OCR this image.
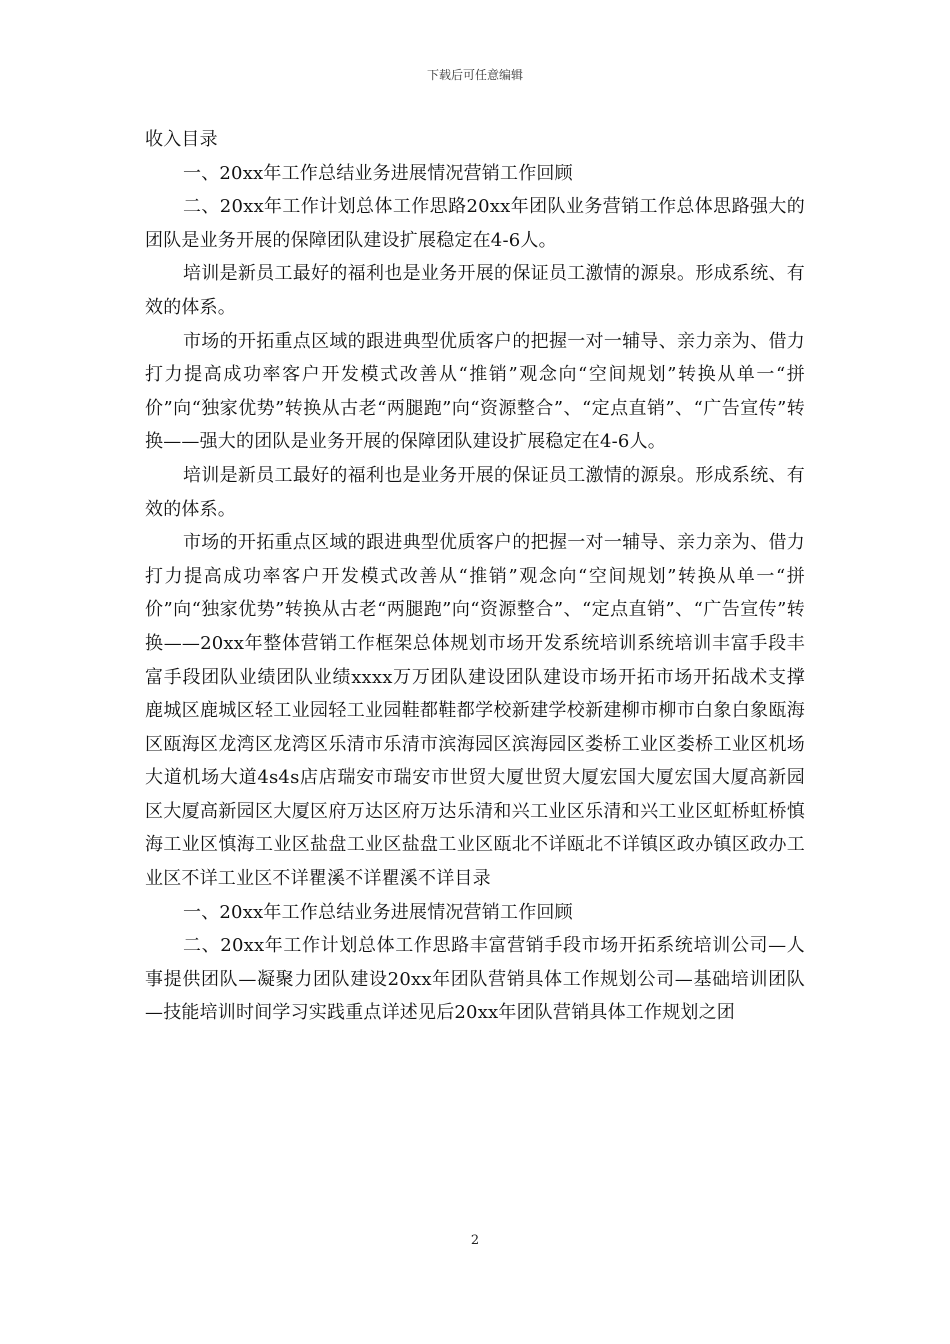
下载后可任意编辑

收入目录

一、20xx年工作总结业务进展情况营销工作回顾

二、20xx年工作计划总体工作思路20xx年团队业务营销工作总体思路强大的团队是业务开展的保障团队建设扩展稳定在4-6人。

培训是新员工最好的福利也是业务开展的保证员工激情的源泉。形成系统、有效的体系。

市场的开拓重点区域的跟进典型优质客户的把握一对一辅导、亲力亲为、借力打力提高成功率客户开发模式改善从“推销”观念向“空间规划”转换从单一“拼价”向“独家优势”转换从古老“两腿跑”向“资源整合”、“定点直销”、“广告宣传”转换——强大的团队是业务开展的保障团队建设扩展稳定在4-6人。

培训是新员工最好的福利也是业务开展的保证员工激情的源泉。形成系统、有效的体系。

市场的开拓重点区域的跟进典型优质客户的把握一对一辅导、亲力亲为、借力打力提高成功率客户开发模式改善从“推销”观念向“空间规划”转换从单一“拼价”向“独家优势”转换从古老“两腿跑”向“资源整合”、“定点直销”、“广告宣传”转换——20xx年整体营销工作框架总体规划市场开发系统培训系统培训丰富手段丰富手段团队业绩团队业绩xxxx万万团队建设团队建设市场开拓市场开拓战术支撑鹿城区鹿城区轻工业园轻工业园鞋都鞋都学校新建学校新建柳市柳市白象白象瓯海区瓯海区龙湾区龙湾区乐清市乐清市滨海园区滨海园区娄桥工业区娄桥工业区机场大道机场大道4s4s店店瑞安市瑞安市世贸大厦世贸大厦宏国大厦宏国大厦高新园区大厦高新园区大厦区府万达区府万达乐清和兴工业区乐清和兴工业区虹桥虹桥慎海工业区慎海工业区盐盘工业区盐盘工业区瓯北不详瓯北不详镇区政办镇区政办工业区不详工业区不详瞿溪不详瞿溪不详目录

一、20xx年工作总结业务进展情况营销工作回顾

二、20xx年工作计划总体工作思路丰富营销手段市场开拓系统培训公司—人事提供团队—凝聚力团队建设20xx年团队营销具体工作规划公司—基础培训团队—技能培训时间学习实践重点详述见后20xx年团队营销具体工作规划之团

2
